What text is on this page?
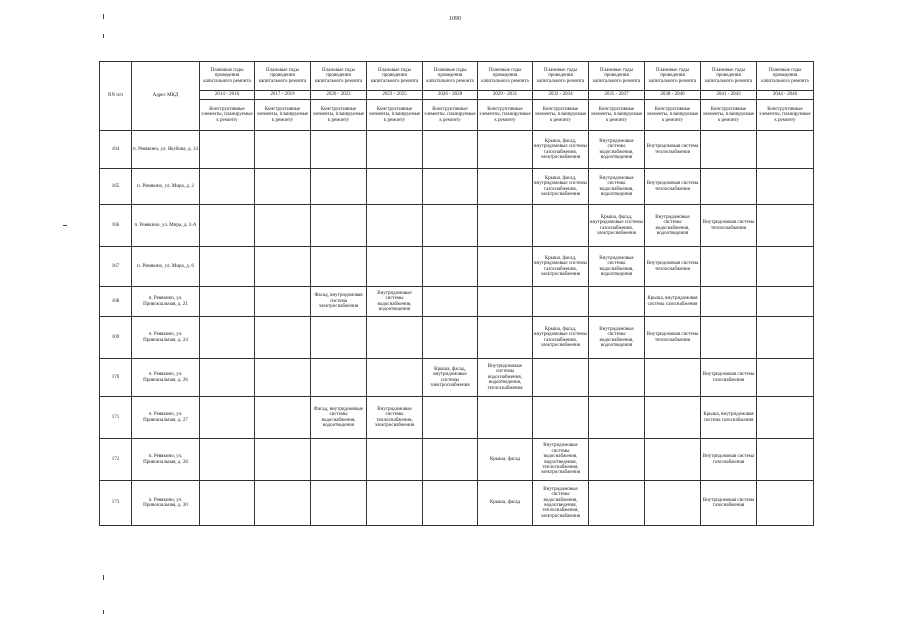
1090
NN п/п	Адрес МКД	Плановые годы проведения капитального ремонта	Плановые годы проведения капитального ремонта	Плановые годы проведения капитального ремонта	Плановые годы проведения капитального ремонта	Плановые годы проведения капитального ремонта	Плановые годы проведения капитального ремонта	Плановые годы проведения капитального ремонта	Плановые годы проведения капитального ремонта	Плановые годы проведения капитального ремонта	Плановые годы проведения капитального ремонта	Плановые годы проведения капитального ремонта
		2014 - 2016	2017 - 2019	2020 - 2022	2023 - 2025	2026 - 2028	2029 - 2031	2032 - 2034	2035 - 2037	2038 - 2040	2041 - 2043	2044 - 2046
		Конструктивные элементы, планируемые к ремонту	Конструктивные элементы, планируемые к ремонту	Конструктивные элементы, планируемые к ремонту	Конструктивные элементы, планируемые к ремонту	Конструктивные элементы, планируемые к ремонту	Конструктивные элементы, планируемые к ремонту	Конструктивные элементы, планируемые к ремонту	Конструктивные элементы, планируемые к ремонту	Конструктивные элементы, планируемые к ремонту	Конструктивные элементы, планируемые к ремонту	Конструктивные элементы, планируемые к ремонту
164	п. Ревякино, ул. Якубова, д. 14							Крыша, фасад, внутридомовые системы газоснабжения, электроснабжения	Внутридомовые системы водоснабжения, водоотведения	Внутридомовая система теплоснабжения		
165	п. Ревякино, ул. Мира, д. 2							Крыша, фасад, внутридомовые системы газоснабжения, электроснабжения	Внутридомовые системы водоснабжения, водоотведения	Внутридомовая система теплоснабжения		
166	п. Ревякино, ул. Мира, д. 2-А								Крыша, фасад, внутридомовые системы газоснабжения, электроснабжения	Внутридомовые системы водоснабжения, водоотведения	Внутридомовая система теплоснабжения	
167	п. Ревякино, ул. Мира, д. 6							Крыша, фасад, внутридомовые системы газоснабжения, электроснабжения	Внутридомовые системы водоснабжения, водоотведения	Внутридомовая система теплоснабжения		
168	п. Ревякино, ул. Привокзальная, д. 21			Фасад, внутридомовая система электроснабжения	Внутридомовые системы водоснабжения, водоотведения					Крыша, внутридомовая система газоснабжения		
169	п. Ревякино, ул. Привокзальная, д. 24							Крыша, фасад, внутридомовые системы газоснабжения, электроснабжения	Внутридомовые системы водоснабжения, водоотведения	Внутридомовая система теплоснабжения		
170	п. Ревякино, ул. Привокзальная, д. 26					Крыша, фасад, внутридомовые системы электроснабжения	Внутридомовые системы водоснабжения, водоотведения, теплоснабжения				Внутридомовая система газоснабжения	
171	п. Ревякино, ул. Привокзальная, д. 27			Фасад, внутридомовые системы водоснабжения, водоотведения	Внутридомовые системы теплоснабжения, электроснабжения						Крыша, внутридомовая система газоснабжения	
172	п. Ревякино, ул. Привокзальная, д. 28						Крыша, фасад	Внутридомовые системы водоснабжения, водоотведения, теплоснабжения, электроснабжения			Внутридомовая система газоснабжения	
173	п. Ревякино, ул. Привокзальная, д. 30						Крыша, фасад	Внутридомовые системы водоснабжения, водоотведения, теплоснабжения, электроснабжения			Внутридомовая система газоснабжения	
